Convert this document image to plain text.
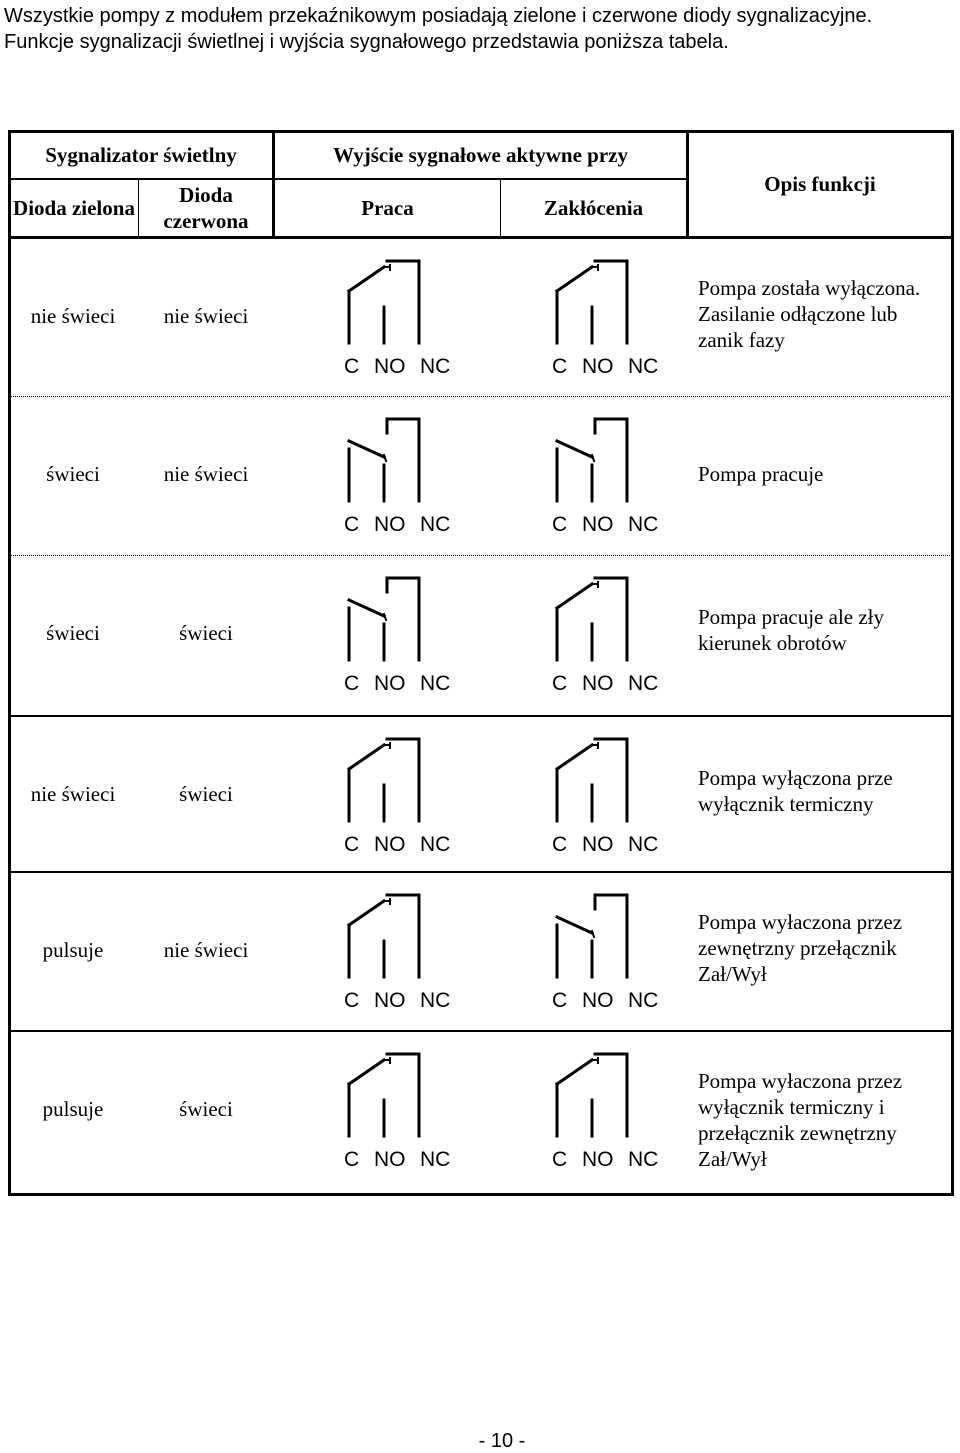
Wszystkie pompy z modułem przekaźnikowym posiadają zielone i czerwone diody sygnalizacyjne.

Funkcje sygnalizacji świetlnej i wyjścia sygnałowego przedstawia poniższa tabela.

Sygnalizator świetlny
Dioda zielona
Dioda czerwona
Wyjście sygnałowe aktywne przy
Praca	Zakłócenia
Opis funkcji
nie świeci	nie świeci
C NO NC	C NO NC
Pompa została wyłączona.
Zasilanie odłączone lub
zanik fazy
świeci	nie świeci
C NO NC	C NO NC
Pompa pracuje
świeci	świeci
C NO NC	C NO NC
Pompa pracuje ale zły
kierunek obrotów
nie świeci	świeci
C NO NC	C NO NC
Pompa wyłączona prze
wyłącznik termiczny
pulsuje	nie świeci
C NO NC	C NO NC
Pompa wyłaczona przez
zewnętrzny przełącznik
Zał/Wył
pulsuje	świeci
C NO NC	C NO NC
Pompa wyłaczona przez
wyłącznik termiczny i
przełącznik zewnętrzny
Zał/Wył
- 10 -
